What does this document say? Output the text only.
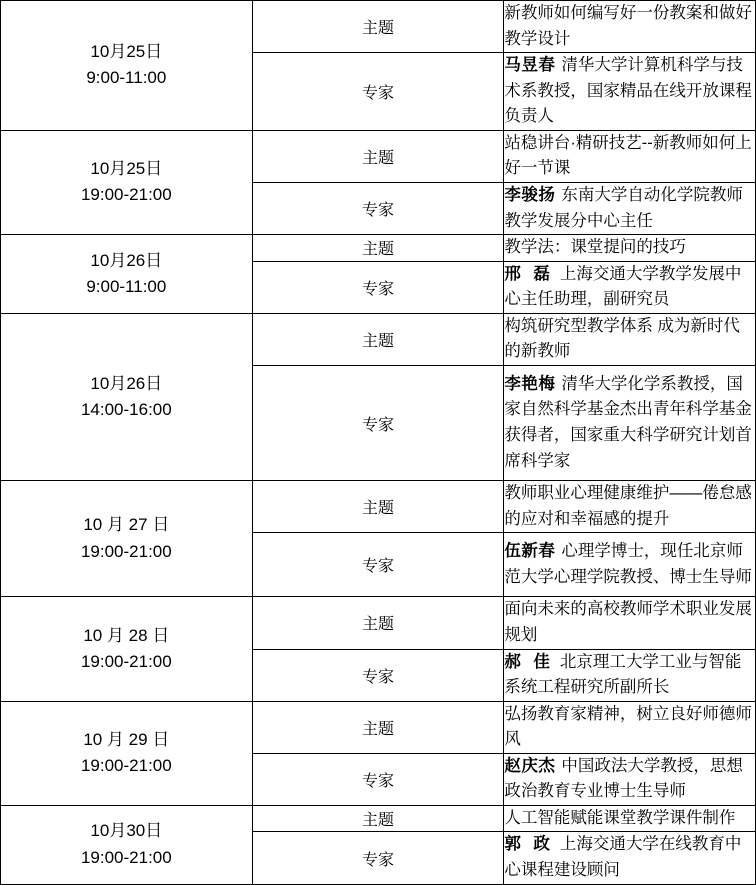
10月25日
9:00-11:00	主题	新教师如何编写好一份教案和做好教学设计
	专家	马昱春 清华大学计算机科学与技术系教授，国家精品在线开放课程负责人

10月25日
19:00-21:00	主题	站稳讲台·精研技艺--新教师如何上好一节课
	专家	李骏扬 东南大学自动化学院教师教学发展分中心主任

10月26日
9:00-11:00	主题	教学法：课堂提问的技巧
	专家	邢 磊 上海交通大学教学发展中心主任助理，副研究员

10月26日
14:00-16:00	主题	构筑研究型教学体系 成为新时代的新教师
	专家	李艳梅 清华大学化学系教授，国家自然科学基金杰出青年科学基金获得者，国家重大科学研究计划首席科学家

10 月 27 日
19:00-21:00	主题	教师职业心理健康维护——倦怠感的应对和幸福感的提升
	专家	伍新春 心理学博士，现任北京师范大学心理学院教授、博士生导师

10 月 28 日
19:00-21:00	主题	面向未来的高校教师学术职业发展规划
	专家	郝 佳 北京理工大学工业与智能系统工程研究所副所长

10 月 29 日
19:00-21:00	主题	弘扬教育家精神，树立良好师德师风
	专家	赵庆杰 中国政法大学教授，思想政治教育专业博士生导师

10月30日
19:00-21:00	主题	人工智能赋能课堂教学课件制作
	专家	郭 政 上海交通大学在线教育中心课程建设顾问
